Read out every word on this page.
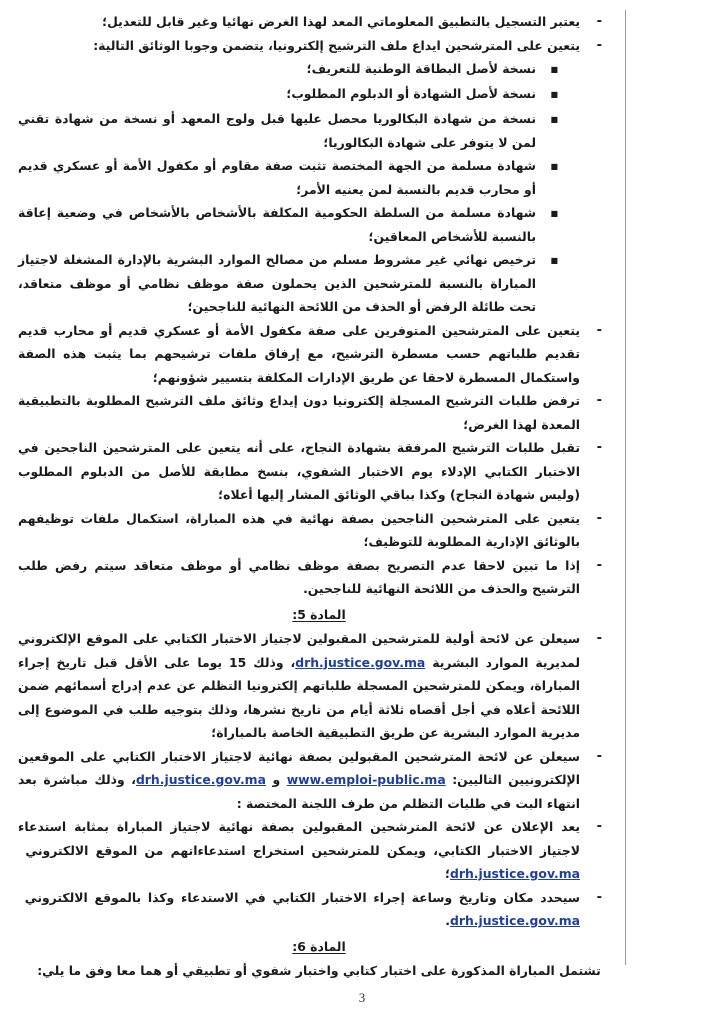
-
يعتبر التسجيل بالتطبيق المعلوماتي المعد لهذا الغرض نهائيا وغير قابل للتعديل؛
-
يتعين على المترشحين ايداع ملف الترشيح إلكترونيا، يتضمن وجوبا الوثائق التالية:
■
نسخة لأصل البطاقة الوطنية للتعريف؛
■
نسخة لأصل الشهادة أو الدبلوم المطلوب؛
■
نسخة من شهادة البكالوريا محصل عليها قبل ولوج المعهد أو نسخة من شهادة تقني لمن لا يتوفر على شهادة البكالوريا؛
■
شهادة مسلمة من الجهة المختصة تثبت صفة مقاوم أو مكفول الأمة أو عسكري قديم أو محارب قديم بالنسبة لمن يعنيه الأمر؛
■
شهادة مسلمة من السلطة الحكومية المكلفة بالأشخاص بالأشخاص في وضعية إعاقة بالنسبة للأشخاص المعاقين؛
■
ترخيص نهائي غير مشروط مسلم من مصالح الموارد البشرية بالإدارة المشغلة لاجتياز المباراة بالنسبة للمترشحين الذين يحملون صفة موظف نظامي أو موظف متعاقد، تحت طائلة الرفض أو الحذف من اللائحة النهائية للناجحين؛
-
يتعين على المترشحين المتوفرين على صفة مكفول الأمة أو عسكري قديم أو محارب قديم تقديم طلباتهم حسب مسطرة الترشيح، مع إرفاق ملفات ترشيحهم بما يثبت هذه الصفة واستكمال المسطرة لاحقا عن طريق الإدارات المكلفة بتسيير شؤونهم؛
-
ترفض طلبات الترشيح المسجلة إلكترونيا دون إيداع وثائق ملف الترشيح المطلوبة بالتطبيقية المعدة لهذا الغرض؛
-
تقبل طلبات الترشيح المرفقة بشهادة النجاح، على أنه يتعين على المترشحين الناجحين في الاختبار الكتابي الإدلاء يوم الاختبار الشفوي، بنسخ مطابقة للأصل من الدبلوم المطلوب (وليس شهادة النجاح) وكذا بباقي الوثائق المشار إليها أعلاه؛
-
يتعين على المترشحين الناجحين بصفة نهائية في هذه المباراة، استكمال ملفات توظيفهم بالوثائق الإدارية المطلوبة للتوظيف؛
-
إذا ما تبين لاحقا عدم التصريح بصفة موظف نظامي أو موظف متعاقد سيتم رفض طلب الترشيح والحذف من اللائحة النهائية للناجحين.
المادة 5:
-
سيعلن عن لائحة أولية للمترشحين المقبولين لاجتياز الاختبار الكتابي على الموقع الإلكتروني لمديرية الموارد البشرية drh.justice.gov.ma، وذلك 15 يوما على الأقل قبل تاريخ إجراء المباراة، ويمكن للمترشحين المسجلة طلباتهم إلكترونيا التظلم عن عدم إدراج أسمائهم ضمن اللائحة أعلاه في أجل أقصاه ثلاثة أيام من تاريخ نشرها، وذلك بتوجيه طلب في الموضوع إلى مديرية الموارد البشرية عن طريق التطبيقية الخاصة بالمباراة؛
-
سيعلن عن لائحة المترشحين المقبولين بصفة نهائية لاجتياز الاختبار الكتابي على الموقعين الإلكترونيين التاليين: www.emploi-public.ma و drh.justice.gov.ma، وذلك مباشرة بعد انتهاء البت في طلبات التظلم من طرف اللجنة المختصة :
-
يعد الإعلان عن لائحة المترشحين المقبولين بصفة نهائية لاجتياز المباراة بمثابة استدعاء لاجتياز الاختبار الكتابي، ويمكن للمترشحين استخراج استدعاءاتهم من الموقع الالكتروني drh.justice.gov.ma؛
-
سيحدد مكان وتاريخ وساعة إجراء الاختبار الكتابي في الاستدعاء وكذا بالموقع الالكتروني drh.justice.gov.ma.
المادة 6:
تشتمل المباراة المذكورة على اختبار كتابي واختبار شفوي أو تطبيقي أو هما معا وفق ما يلي:
3
